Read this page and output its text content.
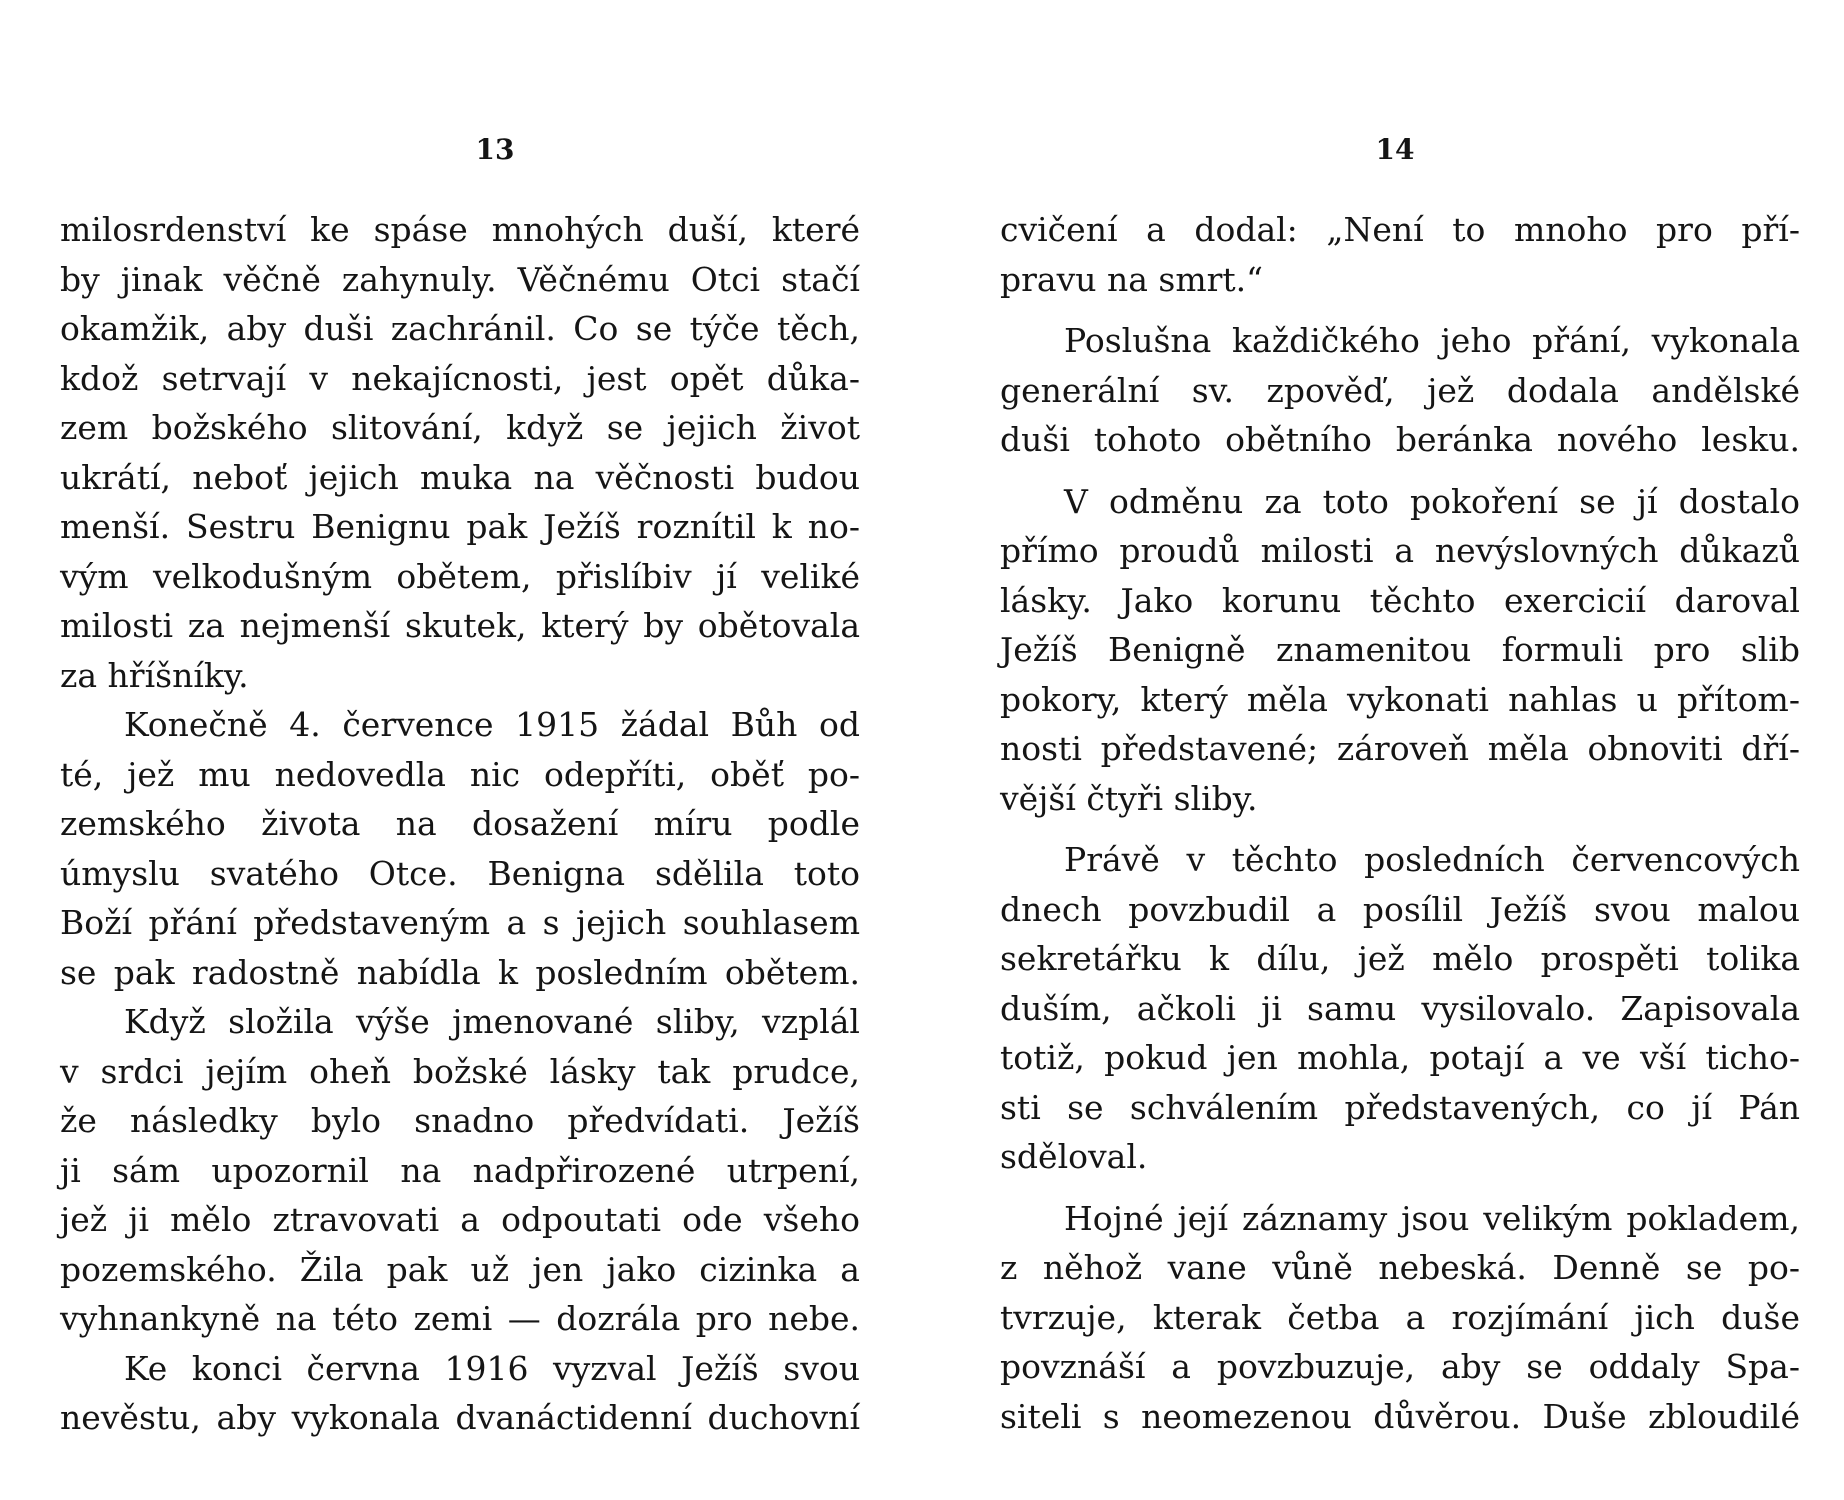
13
milosrdenství ke spáse mnohých duší, které
by jinak věčně zahynuly. Věčnému Otci stačí
okamžik, aby duši zachránil. Co se týče těch,
kdož setrvají v nekajícnosti, jest opět důka-
zem božského slitování, když se jejich život
ukrátí, neboť jejich muka na věčnosti budou
menší. Sestru Benignu pak Ježíš roznítil k no-
vým velkodušným obětem, přislíbiv jí veliké
milosti za nejmenší skutek, který by obětovala
za hříšníky.
Konečně 4. července 1915 žádal Bůh od
té, jež mu nedovedla nic odepříti, oběť po-
zemského života na dosažení míru podle
úmyslu svatého Otce. Benigna sdělila toto
Boží přání představeným a s jejich souhlasem
se pak radostně nabídla k posledním obětem.
Když složila výše jmenované sliby, vzplál
v srdci jejím oheň božské lásky tak prudce,
že následky bylo snadno předvídati. Ježíš
ji sám upozornil na nadpřirozené utrpení,
jež ji mělo ztravovati a odpoutati ode všeho
pozemského. Žila pak už jen jako cizinka a
vyhnankyně na této zemi — dozrála pro nebe.
Ke konci června 1916 vyzval Ježíš svou
nevěstu, aby vykonala dvanáctidenní duchovní
14
cvičení a dodal: „Není to mnoho pro pří-
pravu na smrt.“
Poslušna každičkého jeho přání, vykonala
generální sv. zpověď, jež dodala andělské
duši tohoto obětního beránka nového lesku.
V odměnu za toto pokoření se jí dostalo
přímo proudů milosti a nevýslovných důkazů
lásky. Jako korunu těchto exercicií daroval
Ježíš Benigně znamenitou formuli pro slib
pokory, který měla vykonati nahlas u přítom-
nosti představené; zároveň měla obnoviti dří-
vější čtyři sliby.
Právě v těchto posledních červencových
dnech povzbudil a posílil Ježíš svou malou
sekretářku k dílu, jež mělo prospěti tolika
duším, ačkoli ji samu vysilovalo. Zapisovala
totiž, pokud jen mohla, potají a ve vší ticho-
sti se schválením představených, co jí Pán
sděloval.
Hojné její záznamy jsou velikým pokladem,
z něhož vane vůně nebeská. Denně se po-
tvrzuje, kterak četba a rozjímání jich duše
povznáší a povzbuzuje, aby se oddaly Spa-
siteli s neomezenou důvěrou. Duše zbloudilé
